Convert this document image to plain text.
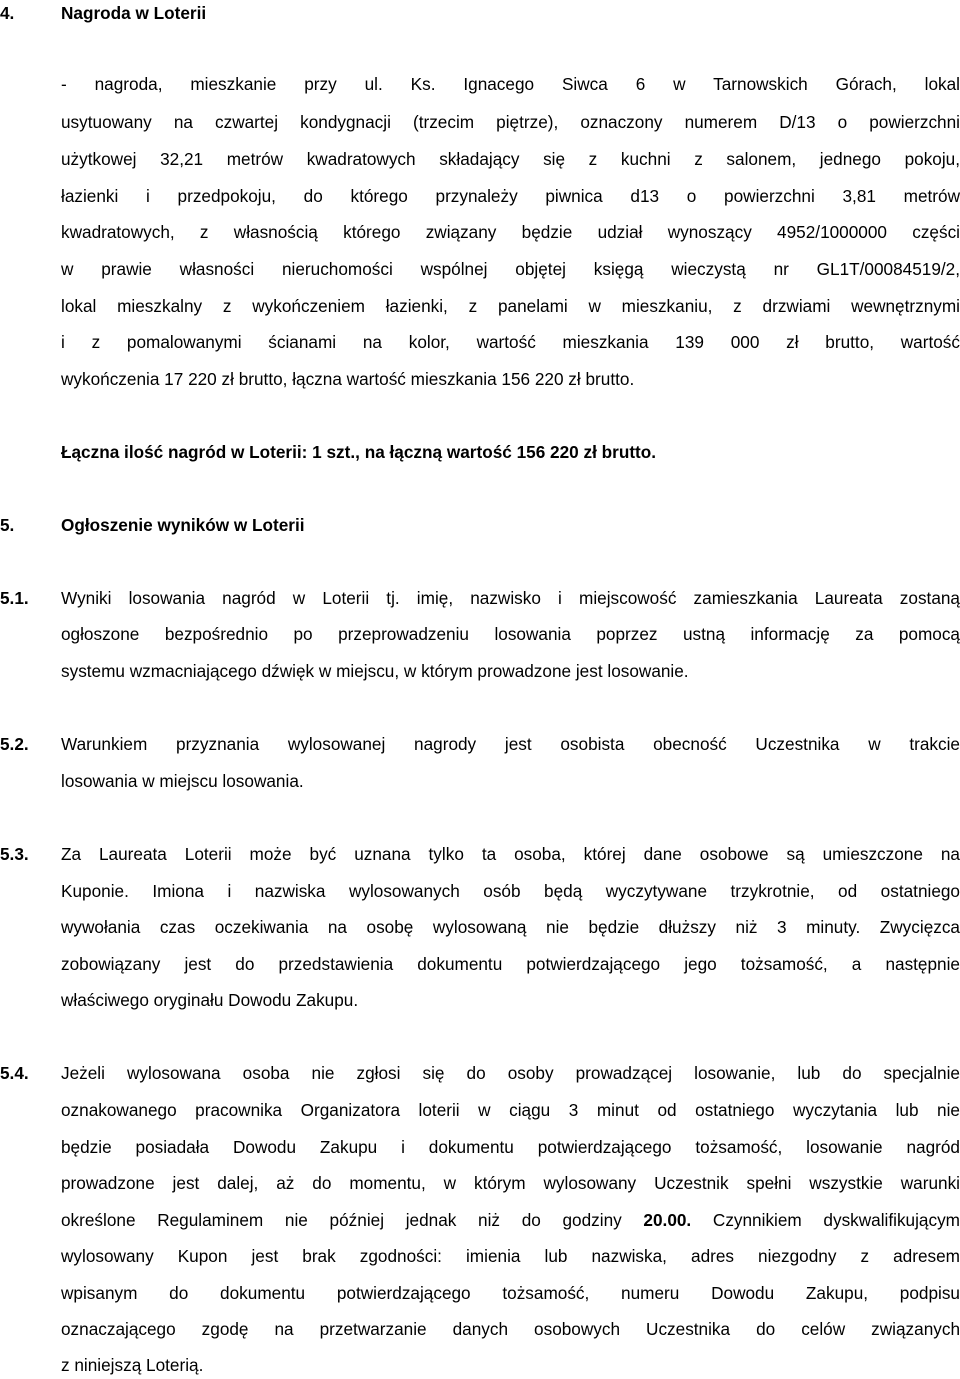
4.	Nagroda w Loterii
- nagroda, mieszkanie przy ul. Ks. Ignacego Siwca 6 w Tarnowskich Górach, lokal
usytuowany na czwartej kondygnacji (trzecim piętrze), oznaczony numerem D/13 o powierzchni
użytkowej 32,21 metrów kwadratowych składający się z kuchni z salonem, jednego pokoju,
łazienki i przedpokoju, do którego przynależy piwnica d13 o powierzchni 3,81 metrów
kwadratowych, z własnością którego związany będzie udział wynoszący 4952/1000000 części
w prawie własności nieruchomości wspólnej objętej księgą wieczystą nr GL1T/00084519/2,
lokal mieszkalny z wykończeniem łazienki, z panelami w mieszkaniu, z drzwiami wewnętrznymi
i z pomalowanymi ścianami na kolor, wartość mieszkania 139 000 zł brutto, wartość
wykończenia 17 220 zł brutto, łączna wartość mieszkania 156 220 zł brutto.
Łączna ilość nagród w Loterii: 1 szt., na łączną wartość 156 220 zł brutto.
5.	Ogłoszenie wyników w Loterii
5.1. Wyniki losowania nagród w Loterii tj. imię, nazwisko i miejscowość zamieszkania Laureata zostaną
ogłoszone bezpośrednio po przeprowadzeniu losowania poprzez ustną informację za pomocą
systemu wzmacniającego dźwięk w miejscu, w którym prowadzone jest losowanie.
5.2. Warunkiem przyznania wylosowanej nagrody jest osobista obecność Uczestnika w trakcie
losowania w miejscu losowania.
5.3. Za Laureata Loterii może być uznana tylko ta osoba, której dane osobowe są umieszczone na
Kuponie. Imiona i nazwiska wylosowanych osób będą wyczytywane trzykrotnie, od ostatniego
wywołania czas oczekiwania na osobę wylosowaną nie będzie dłuższy niż 3 minuty. Zwycięzca
zobowiązany jest do przedstawienia dokumentu potwierdzającego jego tożsamość, a następnie
właściwego oryginału Dowodu Zakupu.
5.4. Jeżeli wylosowana osoba nie zgłosi się do osoby prowadzącej losowanie, lub do specjalnie
oznakowanego pracownika Organizatora loterii w ciągu 3 minut od ostatniego wyczytania lub nie
będzie posiadała Dowodu Zakupu i dokumentu potwierdzającego tożsamość, losowanie nagród
prowadzone jest dalej, aż do momentu, w którym wylosowany Uczestnik spełni wszystkie warunki
określone Regulaminem nie później jednak niż do godziny 20.00. Czynnikiem dyskwalifikującym
wylosowany Kupon jest brak zgodności: imienia lub nazwiska, adres niezgodny z adresem
wpisanym do dokumentu potwierdzającego tożsamość, numeru Dowodu Zakupu, podpisu
oznaczającego zgodę na przetwarzanie danych osobowych Uczestnika do celów związanych
z niniejszą Loterią.
